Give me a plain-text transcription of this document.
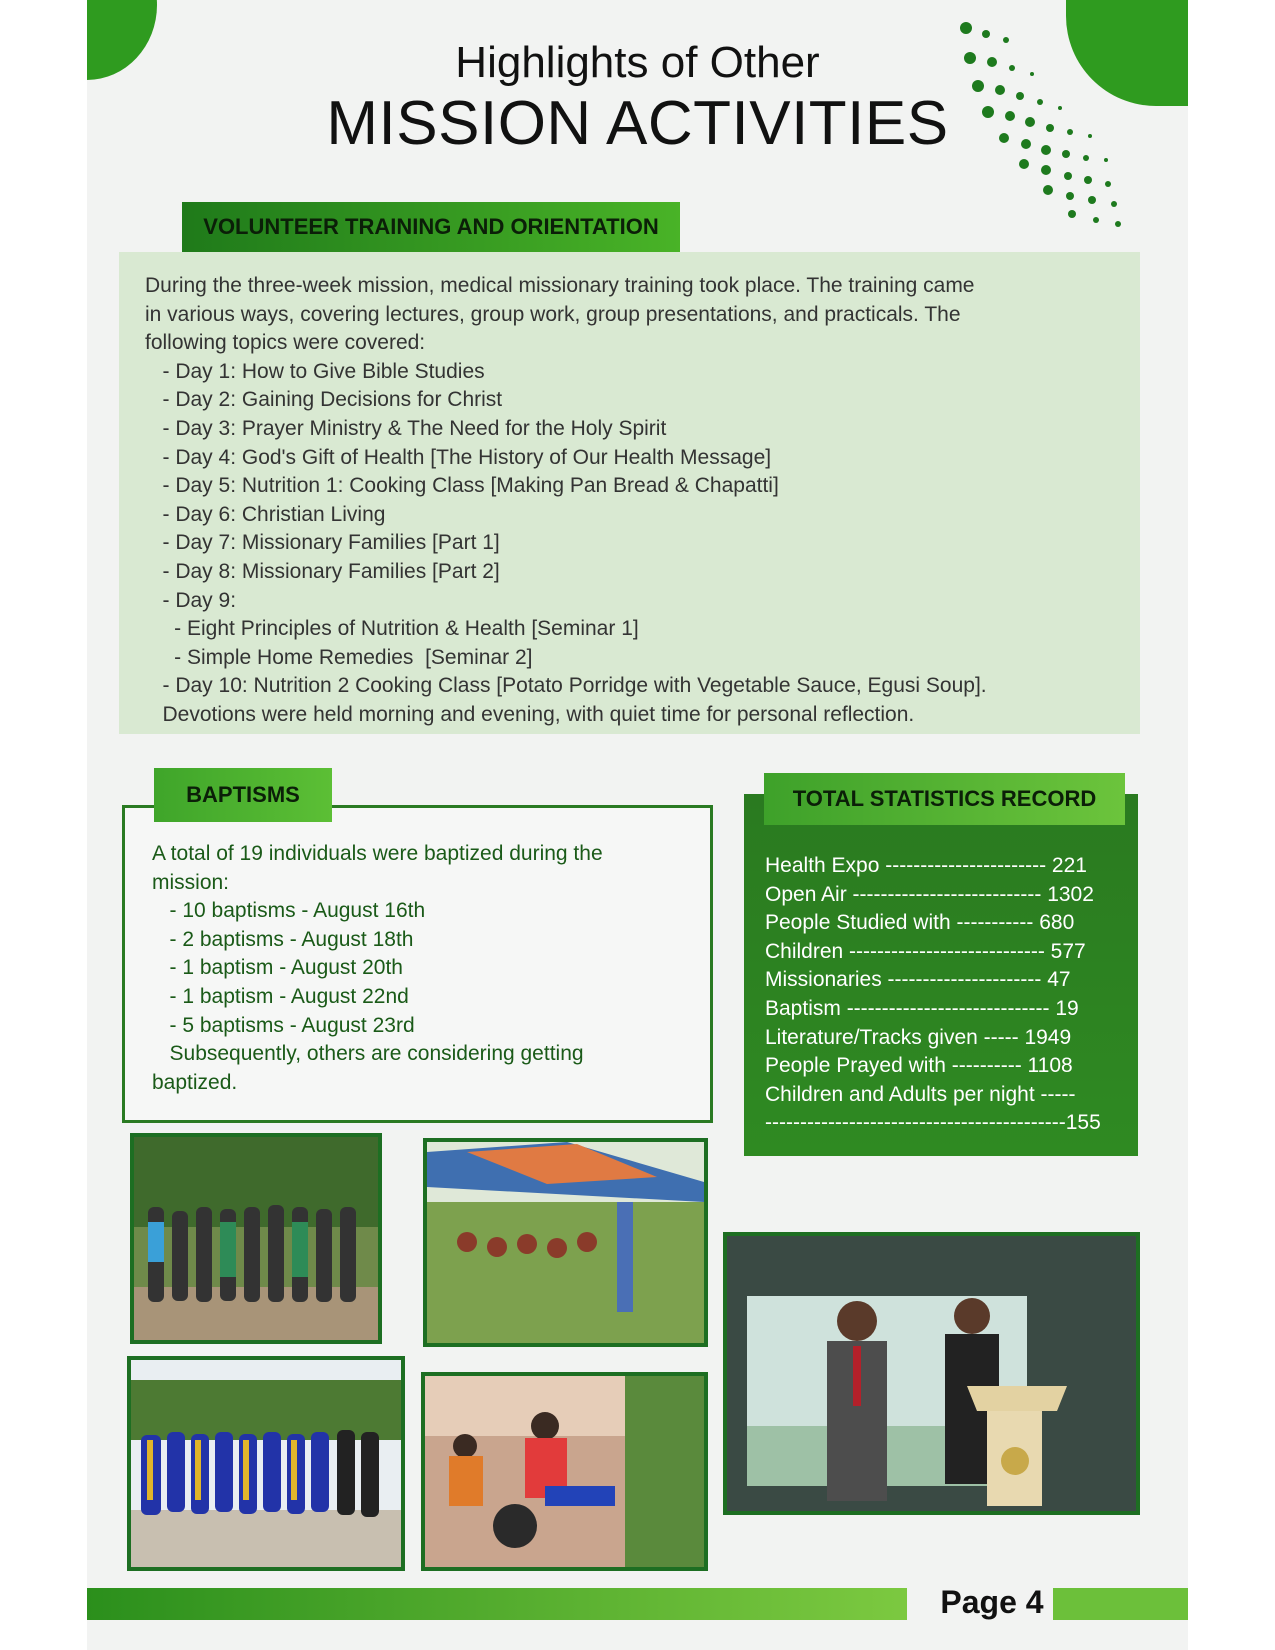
Highlights of Other
MISSION ACTIVITIES
VOLUNTEER TRAINING AND ORIENTATION

During the three-week mission, medical missionary training took place. The training came

in various ways, covering lectures, group work, group presentations, and practicals. The

following topics were covered:

- Day 1: How to Give Bible Studies

- Day 2: Gaining Decisions for Christ

- Day 3: Prayer Ministry & The Need for the Holy Spirit

- Day 4: God's Gift of Health [The History of Our Health Message]

- Day 5: Nutrition 1: Cooking Class [Making Pan Bread & Chapatti]

- Day 6: Christian Living

- Day 7: Missionary Families [Part 1]

- Day 8: Missionary Families [Part 2]

- Day 9:

- Eight Principles of Nutrition & Health [Seminar 1]

- Simple Home Remedies  [Seminar 2]

- Day 10: Nutrition 2 Cooking Class [Potato Porridge with Vegetable Sauce, Egusi Soup].

Devotions were held morning and evening, with quiet time for personal reflection.

BAPTISMS

A total of 19 individuals were baptized during the

mission:

- 10 baptisms - August 16th

- 2 baptisms - August 18th

- 1 baptism - August 20th

- 1 baptism - August 22nd

- 5 baptisms - August 23rd

Subsequently, others are considering getting

baptized.

TOTAL STATISTICS RECORD

Health Expo ----------------------- 221

Open Air --------------------------- 1302

People Studied with ----------- 680

Children ---------------------------- 577

Missionaries ---------------------- 47

Baptism ----------------------------- 19

Literature/Tracks given ----- 1949

People Prayed with ---------- 1108

Children and Adults per night -----

-------------------------------------------155

Page 4
